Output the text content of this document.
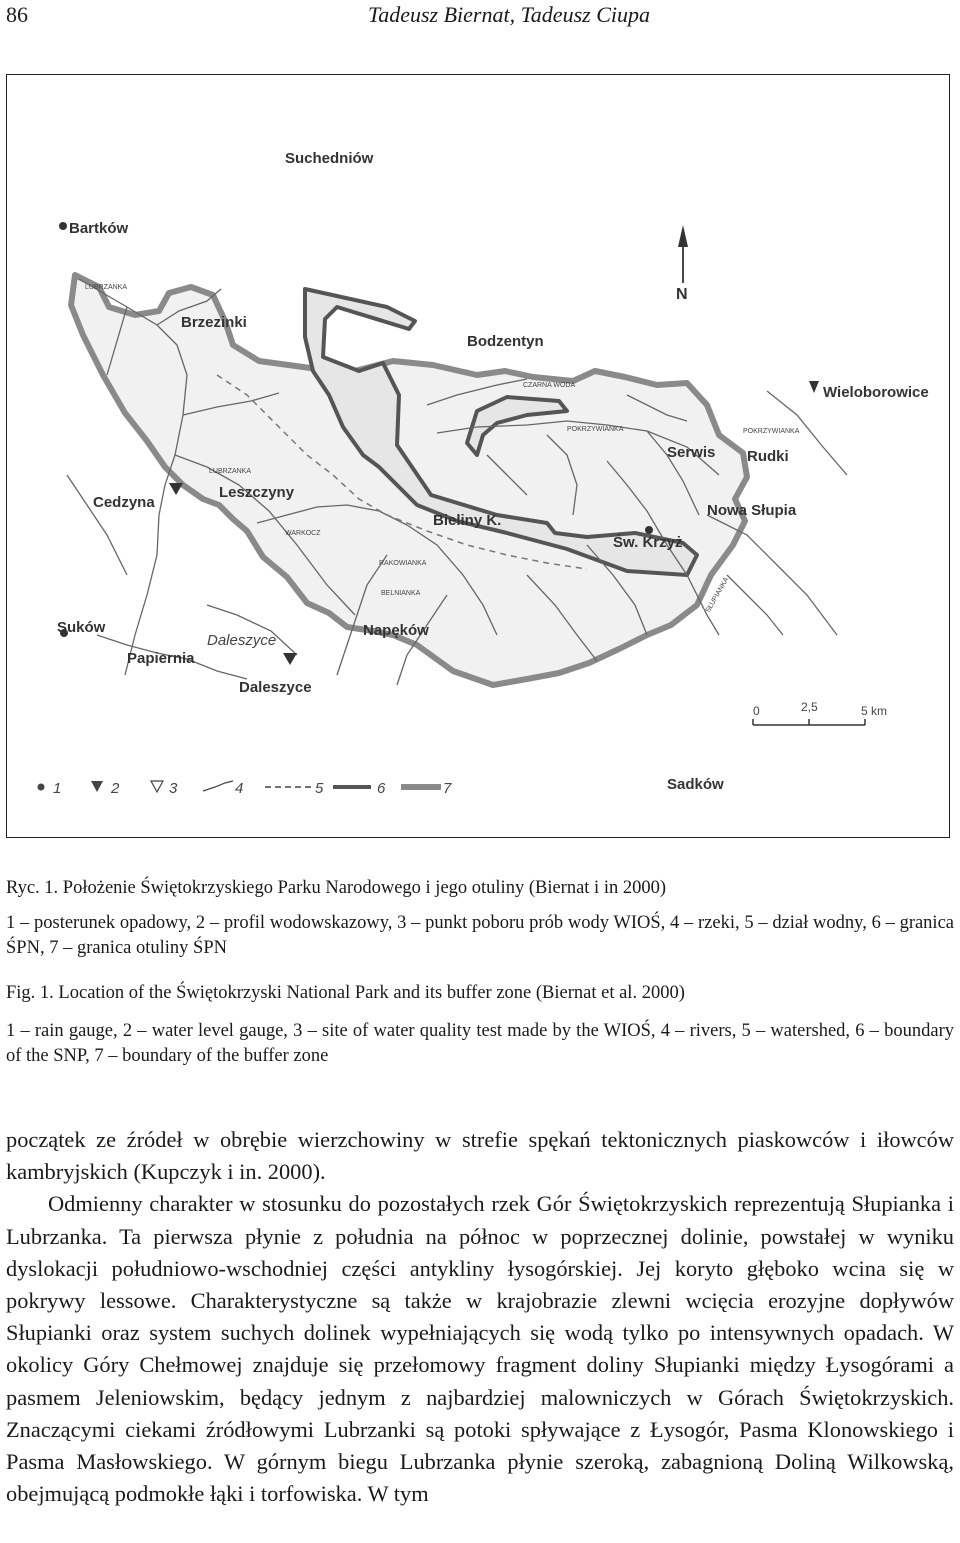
86	Tadeusz Biernat, Tadeusz Ciupa
N
Suchedniów
Bartków
Brzezinki
Bodzentyn
Wieloborowice
Serwis Rudki
Cedzyna
Leszczyny
Bieliny K.
Nowa Słupia
Św. Krzyż
Suków
Daleszyce
Napęków
Papiernia
Daleszyce
Sadków
LUBRZANKA
CZARNA WODA
POKRZYWIANKA	POKRZYWIANKA
LUBRZANKA
WARKOCZ
RAKOWIANKA
BELNIANKA	SŁUPIANKA
0	2,5	5 km
1	2	3	4	5	6	7
Ryc. 1. Położenie Świętokrzyskiego Parku Narodowego i jego otuliny (Biernat i in 2000)
1 – posterunek opadowy, 2 – profil wodowskazowy, 3 – punkt poboru prób wody WIOŚ, 4 – rzeki, 5 – dział wodny, 6 – granica ŚPN, 7 – granica otuliny ŚPN
Fig. 1. Location of the Świętokrzyski National Park and its buffer zone (Biernat et al. 2000)
1 – rain gauge, 2 – water level gauge, 3 – site of water quality test made by the WIOŚ, 4 – rivers, 5 – watershed, 6 – boundary of the SNP, 7 – boundary of the buffer zone

początek ze źródeł w obrębie wierzchowiny w strefie spękań tektonicznych piaskowców i iłowców kambryjskich (Kupczyk i in. 2000).

Odmienny charakter w stosunku do pozostałych rzek Gór Świętokrzyskich reprezentują Słupianka i Lubrzanka. Ta pierwsza płynie z południa na północ w poprzecznej dolinie, powstałej w wyniku dyslokacji południowo-wschodniej części antykliny łysogórskiej. Jej koryto głęboko wcina się w pokrywy lessowe. Charakterystyczne są także w krajobrazie zlewni wcięcia erozyjne dopływów Słupianki oraz system suchych dolinek wypełniających się wodą tylko po intensywnych opadach. W okolicy Góry Chełmowej znajduje się przełomowy fragment doliny Słupianki między Łysogórami a pasmem Jeleniowskim, będący jednym z najbardziej malowniczych w Górach Świętokrzyskich. Znaczącymi ciekami źródłowymi Lubrzanki są potoki spływające z Łysogór, Pasma Klonowskiego i Pasma Masłowskiego. W górnym biegu Lubrzanka płynie szeroką, zabagnioną Doliną Wilkowską, obejmującą podmokłe łąki i torfowiska. W tym
